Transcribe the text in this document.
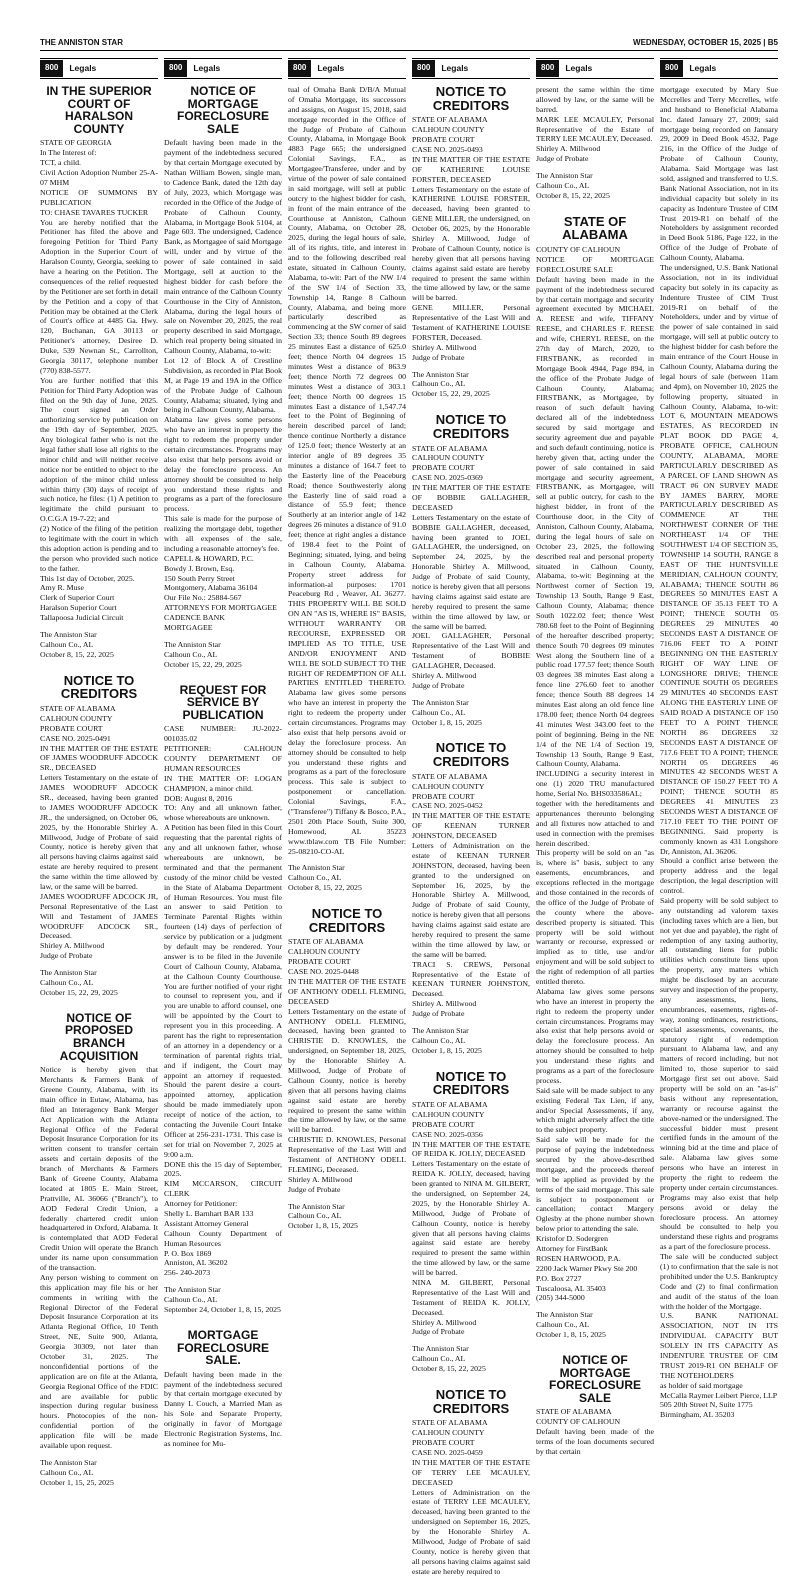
THE ANNISTON STAR	WEDNESDAY, OCTOBER 15, 2025 | B5
800	Legals
IN THE SUPERIOR COURT OF HARALSON COUNTY

STATE OF GEORGIA

In The Interest of:

TCT, a child.

Civil Action Adoption Number 25-A-07 MHM

NOTICE OF SUMMONS BY PUBLICATION

TO: CHASE TAVARES TUCKER

You are hereby notified that the Petitioner has filed the above and foregoing Petition for Third Party Adoption in the Superior Court of Haralson County, Georgia, seeking to have a hearing on the Petition. The consequences of the relief requested by the Petitioner are set forth in detail by the Petition and a copy of that Petition may be obtained at the Clerk of Court's office at 4485 Ga. Hwy. 120, Buchanan, GA 30113 or Petitioner's attorney, Desiree D. Duke, 539 Newnan St., Carrollton, Georgia 30117, telephone number (770) 838-5577.

You are further notified that this Petition for Third Party Adoption was filed on the 9th day of June, 2025. The court signed an Order authorizing service by publication on the 19th day of September, 2025. Any biological father who is not the legal father shall lose all rights to the minor child and will neither receive notice nor be entitled to object to the adoption of the minor child unless within thirty (30) days of receipt of such notice, he files: (1) A petition to legitimate the child pursuant to O.C.G.A 19-7-22; and

(2) Notice of the filing of the petition to legitimate with the court in which this adoption action is pending and to the person who provided such notice to the father.

This 1st day of October, 2025.

Amy R. Muse

Clerk of Superior Court

Haralson Superior Court

Tallapoosa Judicial Circuit

The Anniston Star

Calhoun Co., AL

October 8, 15, 22, 2025

NOTICE TO CREDITORS

STATE OF ALABAMA

CALHOUN COUNTY

PROBATE COURT

CASE NO. 2025-0491

IN THE MATTER OF THE ESTATE OF JAMES WOODRUFF ADCOCK SR., DECEASED

Letters Testamentary on the estate of JAMES WOODRUFF ADCOCK SR., deceased, having been granted to JAMES WOODRUFF ADCOCK JR., the undersigned, on October 06, 2025, by the Honorable Shirley A. Millwood, Judge of Probate of said County, notice is hereby given that all persons having claims against said estate are hereby required to present the same within the time allowed by law, or the same will be barred.

JAMES WOODRUFF ADCOCK JR, Personal Representative of the Last Will and Testament of JAMES WOODRUFF ADCOCK SR., Deceased.

Shirley A. Millwood

Judge of Probate

The Anniston Star

Calhoun Co., AL

October 15, 22, 29, 2025

NOTICE OF PROPOSED BRANCH ACQUISITION

Notice is hereby given that Merchants & Farmers Bank of Greene County, Alabama, with its main office in Eutaw, Alabama, has filed an Interagency Bank Merger Act Application with the Atlanta Regional Office of the Federal Deposit Insurance Corporation for its written consent to transfer certain assets and certain deposits of the branch of Merchants & Farmers Bank of Greene County, Alabama located at 1805 E. Main Street, Prattville, AL 36066 ("Branch"), to AOD Federal Credit Union, a federally chartered credit union headquartered in Oxford, Alabama. It is contemplated that AOD Federal Credit Union will operate the Branch under its name upon consummation of the transaction.

Any person wishing to comment on this application may file his or her comments in writing with the Regional Director of the Federal Deposit Insurance Corporation at its Atlanta Regional Office, 10 Tenth Street, NE, Suite 900, Atlanta, Georgia 30309, not later than October 31, 2025. The nonconfidential portions of the application are on file at the Atlanta, Georgia Regional Office of the FDIC and are available for public inspection during regular business hours. Photocopies of the non-confidential portion of the application file will be made available upon request.

The Anniston Star

Calhoun Co., AL

October 1, 15, 25, 2025

800	Legals
NOTICE OF MORTGAGE FORECLOSURE SALE

Default having been made in the payment of the indebtedness secured by that certain Mortgage executed by Nathan William Bowen, single man, to Cadence Bank, dated the 12th day of July, 2023, which Mortgage was recorded in the Office of the Judge of Probate of Calhoun County, Alabama, in Mortgage Book 5104, at Page 603. The undersigned, Cadence Bank, as Mortgagee of said Mortgage will, under and by virtue of the power of sale contained in said Mortgage, sell at auction to the highest bidder for cash before the main entrance of the Calhoun County Courthouse in the City of Anniston, Alabama, during the legal hours of sale on November 20, 2025, the real property described in said Mortgage, which real property being situated in Calhoun County, Alabama, to-wit:

Lot 12 of Block A of Crestline Subdivision, as recorded in Plat Book M, at Page 19 and 19A in the Office of the Probate Judge of Calhoun County, Alabama; situated, lying and being in Calhoun County, Alabama.

Alabama law gives some persons who have an interest in property the right to redeem the property under certain circumstances. Programs may also exist that help persons avoid or delay the foreclosure process. An attorney should be consulted to help you understand these rights and programs as a part of the foreclosure process.

This sale is made for the purpose of realizing the mortgage debt, together with all expenses of the sale, including a reasonable attorney's fee.

CAPELL & HOWARD, P.C.

Bowdy J. Brown, Esq.

150 South Perry Street

Montgomery, Alabama 36104

Our File No.: 25884-567

ATTORNEYS FOR MORTGAGEE

CADENCE BANK

MORTGAGEE

The Anniston Star

Calhoun Co., AL

October 15, 22, 29, 2025

REQUEST FOR SERVICE BY PUBLICATION

CASE NUMBER: JU-2022-001035.02

PETITIONER: CALHOUN COUNTY DEPARTMENT OF HUMAN RESOURCES

IN THE MATTER OF: LOGAN CHAMPION, a minor child.

DOB: August 8, 2016

TO: Any and all unknown father, whose whereabouts are unknown.

A Petition has been filed in this Court requesting that the parental rights of any and all unknown father, whose whereabouts are unknown, be terminated and that the permanent custody of the minor child be vested in the State of Alabama Department of Human Resources. You must file an answer to said Petition to Terminate Parental Rights within fourteen (14) days of perfection of service by publication or a judgment by default may be rendered. Your answer is to be filed in the Juvenile Court of Calhoun County, Alabama, at the Calhoun County Courthouse. You are further notified of your right to counsel to represent you, and if you are unable to afford counsel, one will be appointed by the Court to represent you in this proceeding. A parent has the right to representation of an attorney in a dependency or a termination of parental rights trial, and if indigent, the Court may appoint an attorney if requested. Should the parent desire a court-appointed attorney, application should be made immediately upon receipt of notice of the action, to contacting the Juvenile Court Intake Officer at 256-231-1731. This case is set for trial on November 7, 2025 at 9:00 a.m.

DONE this the 15 day of September, 2025.

KIM MCCARSON, CIRCUIT CLERK

Attorney for Petitioner:

Shelly L. Barnhart BAR 133

Assistant Attorney General

Calhoun County Department of Human Resources

P. O. Box 1869

Anniston, AL 36202

256- 240-2073

The Anniston Star

Calhoun Co., AL

September 24, October 1, 8, 15, 2025

MORTGAGE FORECLOSURE SALE.

Default having been made in the payment of the indebtedness secured by that certain mortgage executed by Danny L Couch, a Married Man as his Sole and Separate Property, originally in favor of Mortgage Electronic Registration Systems, Inc. as nominee for Mu-

800	Legals

tual of Omaha Bank D/B/A Mutual of Omaha Mortgage, its successors and assigns, on August 15, 2018, said mortgage recorded in the Office of the Judge of Probate of Calhoun County, Alabama, in Mortgage Book 4883 Page 665; the undersigned Colonial Savings, F.A., as Mortgagee/Transferee, under and by virtue of the power of sale contained in said mortgage, will sell at public outcry to the highest bidder for cash, in front of the main entrance of the Courthouse at Anniston, Calhoun County, Alabama, on October 28, 2025, during the legal hours of sale, all of its rights, title, and interest in and to the following described real estate, situated in Calhoun County, Alabama, to-wit: Part of the NW 1/4 of the SW 1/4 of Section 33, Township 14, Range 8 Calhoun County, Alabama, and being more particularly described as commencing at the SW corner of said Section 33; thence South 89 degrees 25 minutes East a distance of 625.0 feet; thence North 04 degrees 15 minutes West a distance of 863.9 feet; thence North 72 degrees 00 minutes West a distance of 303.1 feet; thence North 00 degrees 15 minutes East a distance of 1,547.74 feet to the Point of Beginning of herein described parcel of land; thence continue Northerly a distance of 125.0 feet; thence Westerly at an interior angle of 89 degrees 35 minutes a distance of 164.7 feet to the Easterly line of the Peaceburg Road; thence Southwesterly along the Easterly line of said road a distance of 55.9 feet; thence Southerly at an interior angle of 142 degrees 26 minutes a distance of 91.0 feet; thence at right angles a distance of 198.4 feet to the Point of Beginning; situated, lying, and being in Calhoun County, Alabama. Property street address for information-al purposes: 1701 Peaceburg Rd , Weaver, AL 36277. THIS PROPERTY WILL BE SOLD ON AN "AS IS, WHERE IS" BASIS, WITHOUT WARRANTY OR RECOURSE, EXPRESSED OR IMPLIED AS TO TITLE, USE AND/OR ENJOYMENT AND WILL BE SOLD SUBJECT TO THE RIGHT OF REDEMPTION OF ALL PARTIES ENTITLED THERETO. Alabama law gives some persons who have an interest in property the right to redeem the property under certain circumstances. Programs may also exist that help persons avoid or delay the foreclosure process. An attorney should be consulted to help you understand these rights and programs as a part of the foreclosure process. This sale is subject to postponement or cancellation. Colonial Savings, F.A., ("Transferee") Tiffany & Bosco, P.A., 2501 20th Place South, Suite 300, Homewood, AL 35223 www.tblaw.com TB File Number: 25-08210-CO-AL

The Anniston Star

Calhoun Co., AL

October 8, 15, 22, 2025

NOTICE TO CREDITORS

STATE OF ALABAMA

CALHOUN COUNTY

PROBATE COURT

CASE NO. 2025-0448

IN THE MATTER OF THE ESTATE OF ANTHONY ODELL FLEMING, DECEASED

Letters Testamentary on the estate of ANTHONY ODELL FLEMING, deceased, having been granted to CHRISTIE D. KNOWLES, the undersigned, on September 18, 2025, by the Honorable Shirley A. Millwood, Judge of Probate of Calhoun County, notice is hereby given that all persons having claims against said estate are hereby required to present the same within the time allowed by law, or the same will be barred.

CHRISTIE D. KNOWLES, Personal Representative of the Last Will and Testament of ANTHONY ODELL FLEMING, Deceased.

Shirley A. Millwood

Judge of Probate

The Anniston Star

Calhoun Co., AL

October 1, 8, 15, 2025

800	Legals
NOTICE TO CREDITORS

STATE OF ALABAMA

CALHOUN COUNTY

PROBATE COURT

CASE NO. 2025-0493

IN THE MATTER OF THE ESTATE OF KATHERINE LOUISE FORSTER, DECEASED

Letters Testamentary on the estate of KATHERINE LOUISE FORSTER, deceased, having been granted to GENE MILLER, the undersigned, on October 06, 2025, by the Honorable Shirley A. Millwood, Judge of Probate of Calhoun County, notice is hereby given that all persons having claims against said estate are hereby required to present the same within the time allowed by law, or the same will be barred.

GENE MILLER, Personal Representative of the Last Will and Testament of KATHERINE LOUISE FORSTER, Deceased.

Shirley A. Millwood

Judge of Probate

The Anniston Star

Calhoun Co., AL

October 15, 22, 29, 2025

NOTICE TO CREDITORS

STATE OF ALABAMA

CALHOUN COUNTY

PROBATE COURT

CASE NO. 2025-0369

IN THE MATTER OF THE ESTATE OF BOBBIE GALLAGHER, DECEASED

Letters Testamentary on the estate of BOBBIE GALLAGHER, deceased, having been granted to JOEL GALLAGHER, the undersigned, on September 24, 2025, by the Honorable Shirley A. Millwood, Judge of Probate of said County, notice is hereby given that all persons having claims against said estate are hereby required to present the same within the time allowed by law, or the same will be barred.

JOEL GALLAGHER, Personal Representative of the Last Will and Testament of BOBBIE GALLAGHER, Deceased.

Shirley A. Millwood

Judge of Probate

The Anniston Star

Calhoun Co., AL

October 1, 8, 15, 2025

NOTICE TO CREDITORS

STATE OF ALABAMA

CALHOUN COUNTY

PROBATE COURT

CASE NO. 2025-0452

IN THE MATTER OF THE ESTATE OF KEENAN TURNER JOHNSTON, DECEASED

Letters of Administration on the estate of KEENAN TURNER JOHNSTON, deceased, having been granted to the undersigned on September 16, 2025, by the Honorable Shirley A. Millwood, Judge of Probate of said County, notice is hereby given that all persons having claims against said estate are hereby required to present the same within the time allowed by law, or the same will be barred.

TRACI S. CREWS, Personal Representative of the Estate of KEENAN TURNER JOHNSTON, Deceased.

Shirley A. Millwood

Judge of Probate

The Anniston Star

Calhoun Co., AL

October 1, 8, 15, 2025

NOTICE TO CREDITORS

STATE OF ALABAMA

CALHOUN COUNTY

PROBATE COURT

CASE NO. 2025-0356

IN THE MATTER OF THE ESTATE OF REIDA K. JOLLY, DECEASED

Letters Testamentary on the estate of REIDA K. JOLLY, deceased, having been granted to NINA M. GILBERT, the undersigned, on September 24, 2025, by the Honorable Shirley A. Millwood, Judge of Probate of Calhoun County, notice is hereby given that all persons having claims against said estate are hereby required to present the same within the time allowed by law, or the same will be barred.

NINA M. GILBERT, Personal Representative of the Last Will and Testament of REIDA K. JOLLY, Deceased.

Shirley A. Millwood

Judge of Probate

The Anniston Star

Calhoun Co., AL

October 8, 15, 22, 2025

NOTICE TO CREDITORS

STATE OF ALABAMA

CALHOUN COUNTY

PROBATE COURT

CASE NO. 2025-0459

IN THE MATTER OF THE ESTATE OF TERRY LEE MCAULEY, DECEASED

Letters of Administration on the estate of TERRY LEE MCAULEY, deceased, having been granted to the undersigned on September 16, 2025, by the Honorable Shirley A. Millwood, Judge of Probate of said County, notice is hereby given that all persons having claims against said estate are hereby required to

800	Legals

present the same within the time allowed by law, or the same will be barred.

MARK LEE MCAULEY, Personal Representative of the Estate of TERRY LEE MCAULEY, Deceased.

Shirley A. Millwood

Judge of Probate

The Anniston Star

Calhoun Co., AL

October 8, 15, 22, 2025

STATE OF ALABAMA

COUNTY OF CALHOUN

NOTICE OF MORTGAGE FORECLOSURE SALE

Default having been made in the payment of the indebtedness secured by that certain mortgage and security agreement executed by MICHAEL A. REESE and wife, TIFFANY REESE, and CHARLES F. REESE and wife, CHERYL REESE, on the 27th day of March, 2020, to FIRSTBANK, as recorded in Mortgage Book 4944, Page 894, in the office of the Probate Judge of Calhoun County, Alabama; FIRSTBANK, as Mortgagee, by reason of such default having declared all of the indebtedness secured by said mortgage and security agreement due and payable and such default continuing, notice is hereby given that, acting under the power of sale contained in said mortgage and security agreement, FIRSTBANK, as Mortgagee, will sell at public outcry, for cash to the highest bidder, in front of the Courthouse door, in the City of Anniston, Calhoun County, Alabama, during the legal hours of sale on October 23, 2025, the following described real and personal property situated in Calhoun County, Alabama, to-wit: Beginning at the Northwest corner of Section 19, Township 13 South, Range 9 East, Calhoun County, Alabama; thence South 1022.02 feet; thence West 780.68 feet to the Point of Beginning of the hereafter described property; thence South 70 degrees 09 minutes West along the Southern line of a public road 177.57 feet; thence South 03 degrees 38 minutes East along a fence line 276.60 feet to another fence; thence South 88 degrees 14 minutes East along an old fence line 178.00 feet; thence North 04 degrees 41 minutes West 343.00 feet to the point of beginning. Being in the NE 1/4 of the NE 1/4 of Section 19, Township 13 South, Range 9 East, Calhoun County, Alabama.

INCLUDING a security interest in one (1) 2020 TRU manufactured home, Serial No. BHS033586AL;

together with the hereditaments and appurtenances thereunto belonging and all fixtures now attached to and used in connection with the premises herein described.

This property will be sold on an "as is, where is" basis, subject to any easements, encumbrances, and exceptions reflected in the mortgage and those contained in the records of the office of the Judge of Probate of the county where the above-described property is situated. This property will be sold without warranty or recourse, expressed or implied as to title, use and/or enjoyment and will be sold subject to the right of redemption of all parties entitled thereto.

Alabama law gives some persons who have an interest in property the right to redeem the property under certain circumstances. Programs may also exist that help persons avoid or delay the foreclosure process. An attorney should be consulted to help you understand these rights and programs as a part of the foreclosure process.

Said sale will be made subject to any existing Federal Tax Lien, if any, and/or Special Assessments, if any, which might adversely affect the title to the subject property.

Said sale will be made for the purpose of paying the indebtedness secured by the above-described mortgage, and the proceeds thereof will be applied as provided by the terms of the said mortgage. This sale is subject to postponement or cancellation; contact Margery Oglesby at the phone number shown below prior to attending the sale.

Kristofor D. Sodergren

Attorney for FirstBank

ROSEN HARWOOD, P.A.

2200 Jack Warner Pkwy Ste 200

P.O. Box 2727

Tuscaloosa, AL 35403

(205) 344-5000

The Anniston Star

Calhoun Co., AL

October 1, 8, 15, 2025

NOTICE OF MORTGAGE FORECLOSURE SALE

STATE OF ALABAMA

COUNTY OF CALHOUN

Default having been made of the terms of the loan documents secured by that certain

800	Legals

mortgage executed by Mary Sue Mccrelles and Terry Mccrelles, wife and husband to Beneficial Alabama Inc. dated January 27, 2009; said mortgage being recorded on January 29, 2009 in Deed Book 4532, Page 216, in the Office of the Judge of Probate of Calhoun County, Alabama. Said Mortgage was last sold, assigned and transferred to U.S. Bank National Association, not in its individual capacity but solely in its capacity as Indenture Trustee of CIM Trust 2019-R1 on behalf of the Noteholders by assignment recorded in Deed Book 5186, Page 122, in the Office of the Judge of Probate of Calhoun County, Alabama.

The undersigned, U.S. Bank National Association, not in its individual capacity but solely in its capacity as Indenture Trustee of CIM Trust 2019-R1 on behalf of the Noteholders, under and by virtue of the power of sale contained in said mortgage, will sell at public outcry to the highest bidder for cash before the main entrance of the Court House in Calhoun County, Alabama during the legal hours of sale (between 11am and 4pm), on November 10, 2025 the following property, situated in Calhoun County, Alabama, to-wit: LOT 6, MOUNTAIN MEADOWS ESTATES, AS RECORDED IN PLAT BOOK DD PAGE 4, PROBATE OFFICE, CALHOUN COUNTY, ALABAMA, MORE PARTICULARLY DESCRIBED AS A PARCEL OF LAND SHOWN AS TRACT #6 ON SURVEY MADE BY JAMES BARRY, MORE PARTICULARLY DESCRIBED AS COMMENCE AT THE NORTHWEST CORNER OF THE NORTHEAST 1/4 OF THE SOUTHWEST 1/4 OF SECTION 35, TOWNSHIP 14 SOUTH, RANGE 8 EAST OF THE HUNTSVILLE MERIDIAN, CALHOUN COUNTY, ALABAMA; THENCE SOUTH 86 DEGREES 50 MINUTES EAST A DISTANCE OF 35.13 FEET TO A POINT; THENCE SOUTH 05 DEGREES 29 MINUTES 40 SECONDS EAST A DISTANCE OF 716.06 FEET TO A POINT BEGINNING ON THE EASTERLY RIGHT OF WAY LINE OF LONGSHORE DRIVE; THENCE CONTINUE SOUTH 05 DEGREES 29 MINUTES 40 SECONDS EAST ALONG THE EASTERLY LINE OF SAID ROAD A DISTANCE OF 150 FEET TO A POINT THENCE NORTH 86 DEGREES 32 SECONDS EAST A DISTANCE OF 717.6 FEET TO A POINT; THENCE NORTH 05 DEGREES 46 MINUTES 42 SECONDS WEST A DISTANCE OF 150.27 FEET TO A POINT; THENCE SOUTH 85 DEGREES 41 MINUTES 23 SECONDS WEST A DISTANCE OF 717.10 FEET TO THE POINT OF BEGINNING. Said property is commonly known as 431 Longshore Dr, Anniston, AL 36206.

Should a conflict arise between the property address and the legal description, the legal description will control.

Said property will be sold subject to any outstanding ad valorem taxes (including taxes which are a lien, but not yet due and payable), the right of redemption of any taxing authority, all outstanding liens for public utilities which constitute liens upon the property, any matters which might be disclosed by an accurate survey and inspection of the property, any assessments, liens, encumbrances, easements, rights-of-way, zoning ordinances, restrictions, special assessments, covenants, the statutory right of redemption pursuant to Alabama law, and any matters of record including, but not limited to, those superior to said Mortgage first set out above. Said property will be sold on an "as-is" basis without any representation, warranty or recourse against the above-named or the undersigned. The successful bidder must present certified funds in the amount of the winning bid at the time and place of sale. Alabama law gives some persons who have an interest in property the right to redeem the property under certain circumstances. Programs may also exist that help persons avoid or delay the foreclosure process. An attorney should be consulted to help you understand these rights and programs as a part of the foreclosure process.

The sale will be conducted subject (1) to confirmation that the sale is not prohibited under the U.S. Bankruptcy Code and (2) to final confirmation and audit of the status of the loan with the holder of the Mortgage.

U.S. BANK NATIONAL ASSOCIATION, NOT IN ITS INDIVIDUAL CAPACITY BUT SOLELY IN ITS CAPACITY AS INDENTURE TRUSTEE OF CIM TRUST 2019-R1 ON BEHALF OF THE NOTEHOLDERS

as holder of said mortgage

McCalla Raymer Leibert Pierce, LLP

505 20th Street N, Suite 1775

Birmingham, AL 35203
